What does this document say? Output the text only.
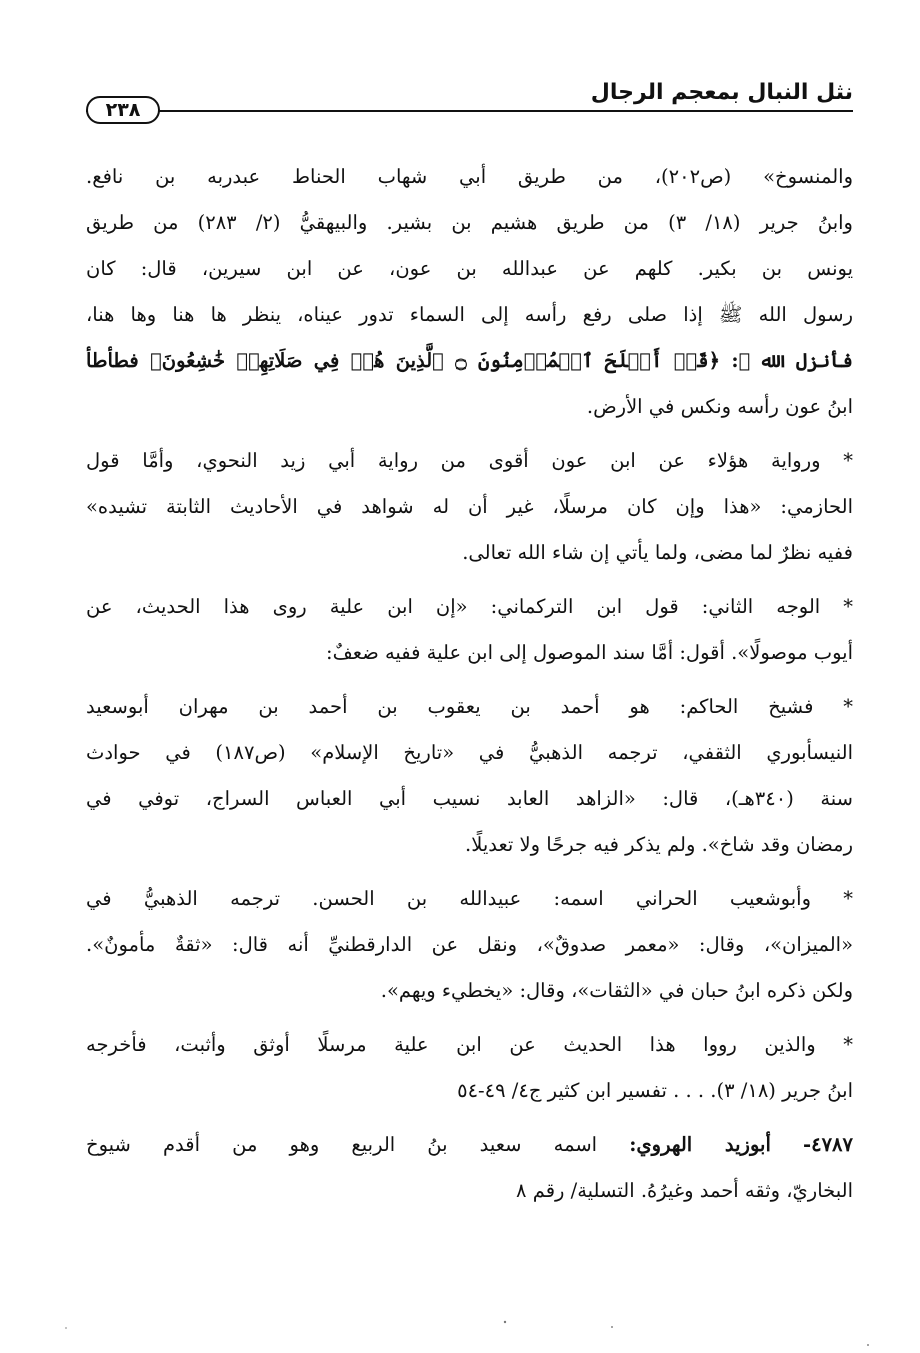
نثل النبال بمعجم الرجال
٢٣٨
والمنسوخ» (ص٢٠٢)، من طريق أبي شهاب الحناط عبدربه بن نافع.
وابنُ جرير (١٨/ ٣) من طريق هشيم بن بشير. والبيهقيُّ (٢/ ٢٨٣) من طريق
يونس بن بكير. كلهم عن عبدالله بن عون، عن ابن سيرين، قال: كان
رسول الله ﷺ إذا صلى رفع رأسه إلى السماء تدور عيناه، ينظر ها هنا وها هنا،
فأنزل الله ﷻ: ﴿قَدۡ أَفۡلَحَ ٱلۡمُؤۡمِنُونَ ۝ ٱلَّذِينَ هُمۡ فِي صَلَاتِهِمۡ خَٰشِعُونَ﴾ فطأطأ
ابنُ عون رأسه ونكس في الأرض.
* ورواية هؤلاء عن ابن عون أقوى من رواية أبي زيد النحوي، وأمَّا قول
الحازمي: «هذا وإن كان مرسلًا، غير أن له شواهد في الأحاديث الثابتة تشيده»
ففيه نظرٌ لما مضى، ولما يأتي إن شاء الله تعالى.
* الوجه الثاني: قول ابن التركماني: «إن ابن علية روى هذا الحديث، عن
أيوب موصولًا». أقول: أمَّا سند الموصول إلى ابن علية ففيه ضعفٌ:
* فشيخ الحاكم: هو أحمد بن يعقوب بن أحمد بن مهران أبوسعيد
النيسأبوري الثقفي، ترجمه الذهبيُّ في «تاريخ الإسلام» (ص١٨٧) في حوادث
سنة (٣٤٠هـ)، قال: «الزاهد العابد نسيب أبي العباس السراج، توفي في
رمضان وقد شاخ». ولم يذكر فيه جرحًا ولا تعديلًا.
* وأبوشعيب الحراني اسمه: عبيدالله بن الحسن. ترجمه الذهبيُّ في
«الميزان»، وقال: «معمر صدوقٌ»، ونقل عن الدارقطنيِّ أنه قال: «ثقةٌ مأمونٌ».
ولكن ذكره ابنُ حبان في «الثقات»، وقال: «يخطيء ويهم».
* والذين رووا هذا الحديث عن ابن علية مرسلًا أوثق وأثبت، فأخرجه
ابنُ جرير (١٨/ ٣). . . . تفسير ابن كثير ج٤/ ٤٩-٥٤
٤٧٨٧- أبوزيد الهروي: اسمه سعيد بنُ الربيع وهو من أقدم شيوخ
البخاريّ، وثقه أحمد وغيرُهُ. التسلية/ رقم ٨
